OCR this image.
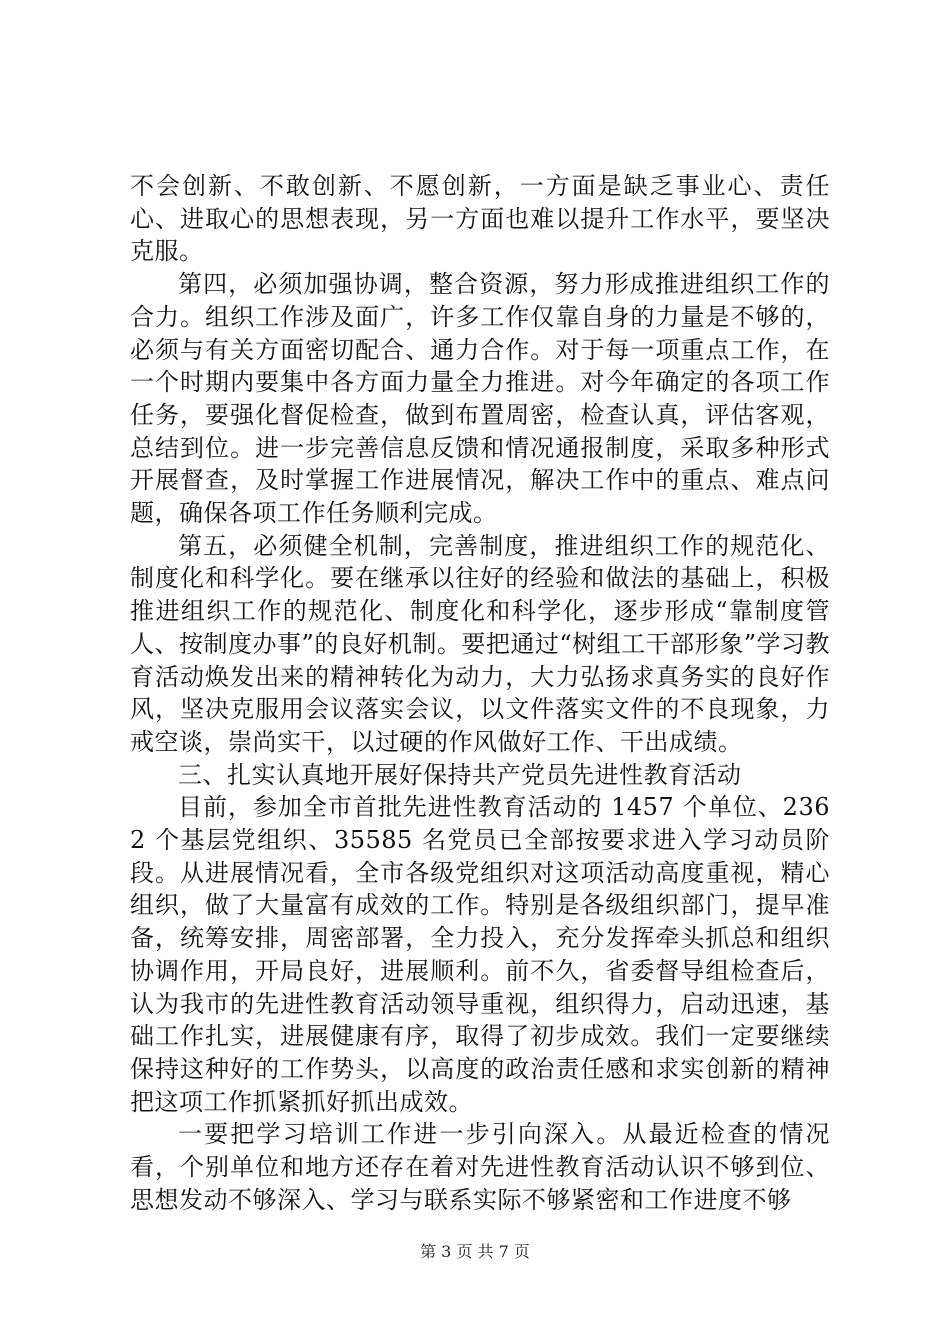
不会创新、不敢创新、不愿创新，一方面是缺乏事业心、责任心、进取心的思想表现，另一方面也难以提升工作水平，要坚决克服。

第四，必须加强协调，整合资源，努力形成推进组织工作的合力。组织工作涉及面广，许多工作仅靠自身的力量是不够的，必须与有关方面密切配合、通力合作。对于每一项重点工作，在一个时期内要集中各方面力量全力推进。对今年确定的各项工作任务，要强化督促检查，做到布置周密，检查认真，评估客观，总结到位。进一步完善信息反馈和情况通报制度，采取多种形式开展督查，及时掌握工作进展情况，解决工作中的重点、难点问题，确保各项工作任务顺利完成。

第五，必须健全机制，完善制度，推进组织工作的规范化、制度化和科学化。要在继承以往好的经验和做法的基础上，积极推进组织工作的规范化、制度化和科学化，逐步形成“靠制度管人、按制度办事”的良好机制。要把通过“树组工干部形象”学习教育活动焕发出来的精神转化为动力，大力弘扬求真务实的良好作风，坚决克服用会议落实会议，以文件落实文件的不良现象，力戒空谈，崇尚实干，以过硬的作风做好工作、干出成绩。

三、扎实认真地开展好保持共产党员先进性教育活动

目前，参加全市首批先进性教育活动的 1457 个单位、2362 个基层党组织、35585 名党员已全部按要求进入学习动员阶段。从进展情况看，全市各级党组织对这项活动高度重视，精心组织，做了大量富有成效的工作。特别是各级组织部门，提早准备，统筹安排，周密部署，全力投入，充分发挥牵头抓总和组织协调作用，开局良好，进展顺利。前不久，省委督导组检查后，认为我市的先进性教育活动领导重视，组织得力，启动迅速，基础工作扎实，进展健康有序，取得了初步成效。我们一定要继续保持这种好的工作势头，以高度的政治责任感和求实创新的精神把这项工作抓紧抓好抓出成效。

一要把学习培训工作进一步引向深入。从最近检查的情况看，个别单位和地方还存在着对先进性教育活动认识不够到位、思想发动不够深入、学习与联系实际不够紧密和工作进度不够

第 3 页 共 7 页
